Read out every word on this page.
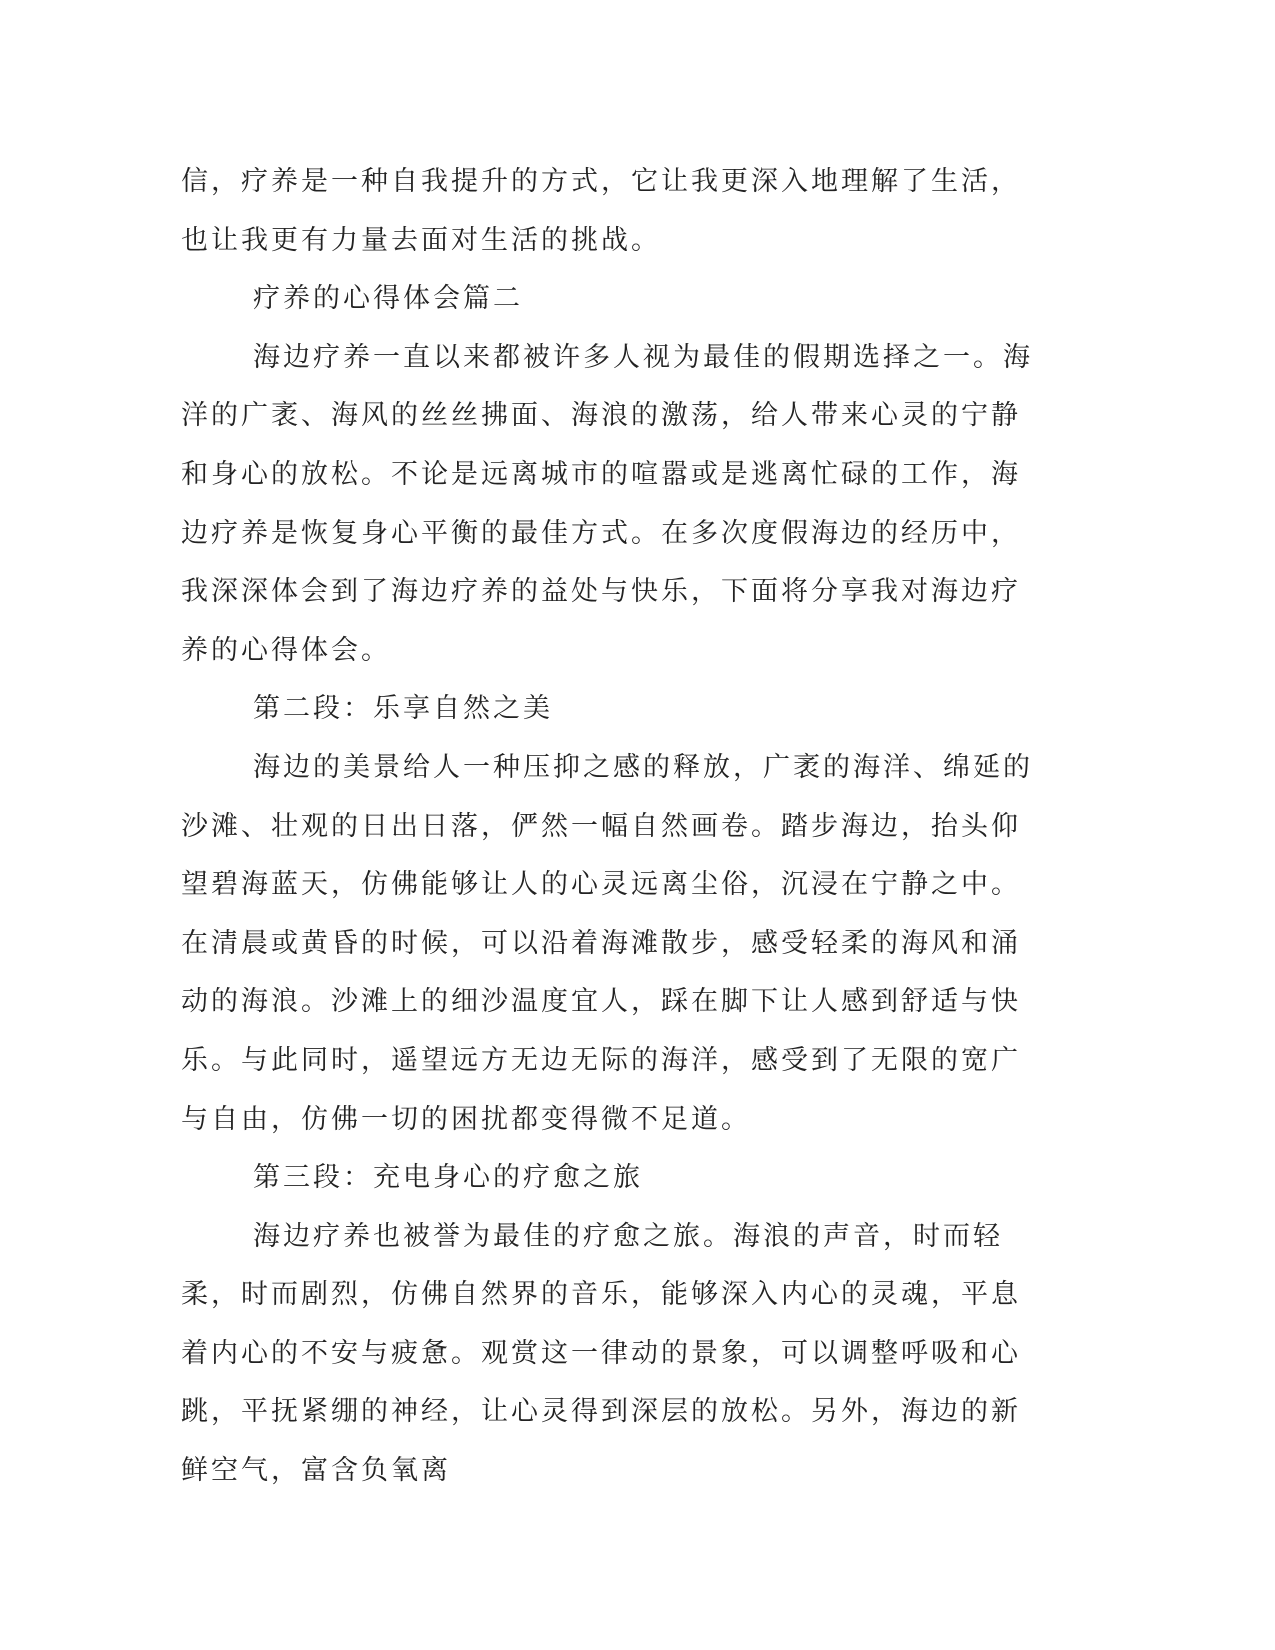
信，疗养是一种自我提升的方式，它让我更深入地理解了生活，也让我更有力量去面对生活的挑战。

疗养的心得体会篇二

海边疗养一直以来都被许多人视为最佳的假期选择之一。海洋的广袤、海风的丝丝拂面、海浪的激荡，给人带来心灵的宁静和身心的放松。不论是远离城市的喧嚣或是逃离忙碌的工作，海边疗养是恢复身心平衡的最佳方式。在多次度假海边的经历中，我深深体会到了海边疗养的益处与快乐，下面将分享我对海边疗养的心得体会。

第二段：乐享自然之美

海边的美景给人一种压抑之感的释放，广袤的海洋、绵延的沙滩、壮观的日出日落，俨然一幅自然画卷。踏步海边，抬头仰望碧海蓝天，仿佛能够让人的心灵远离尘俗，沉浸在宁静之中。在清晨或黄昏的时候，可以沿着海滩散步，感受轻柔的海风和涌动的海浪。沙滩上的细沙温度宜人，踩在脚下让人感到舒适与快乐。与此同时，遥望远方无边无际的海洋，感受到了无限的宽广与自由，仿佛一切的困扰都变得微不足道。

第三段：充电身心的疗愈之旅

海边疗养也被誉为最佳的疗愈之旅。海浪的声音，时而轻柔，时而剧烈，仿佛自然界的音乐，能够深入内心的灵魂，平息着内心的不安与疲惫。观赏这一律动的景象，可以调整呼吸和心跳，平抚紧绷的神经，让心灵得到深层的放松。另外，海边的新鲜空气，富含负氧离
